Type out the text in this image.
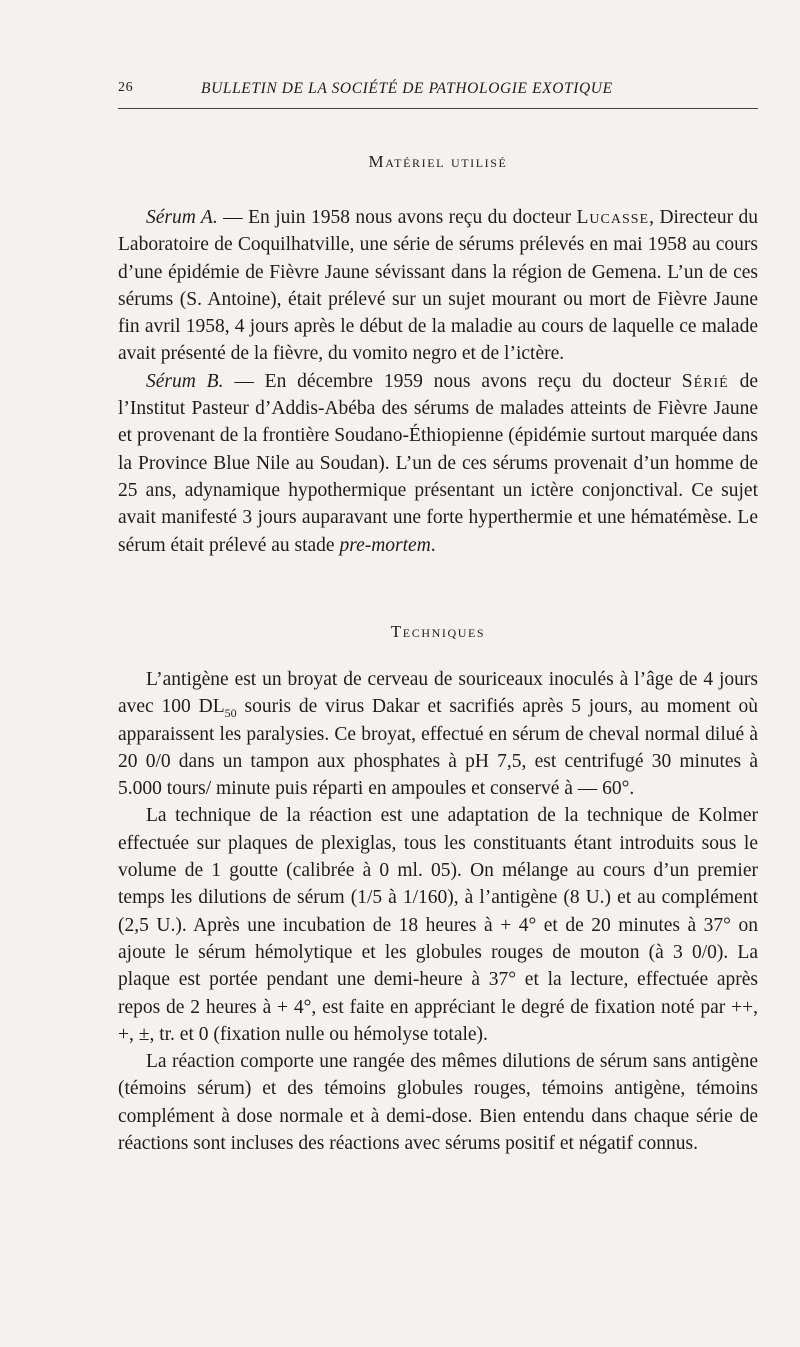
26	BULLETIN DE LA SOCIÉTÉ DE PATHOLOGIE EXOTIQUE
Matériel utilisé

Sérum A. — En juin 1958 nous avons reçu du docteur Lucasse, Directeur du Laboratoire de Coquilhatville, une série de sérums prélevés en mai 1958 au cours d’une épidémie de Fièvre Jaune sévissant dans la région de Gemena. L’un de ces sérums (S. Antoine), était prélevé sur un sujet mourant ou mort de Fièvre Jaune fin avril 1958, 4 jours après le début de la maladie au cours de laquelle ce malade avait présenté de la fièvre, du vomito negro et de l’ictère.

Sérum B. — En décembre 1959 nous avons reçu du docteur Sérié de l’Institut Pasteur d’Addis-Abéba des sérums de malades atteints de Fièvre Jaune et provenant de la frontière Soudano-Éthiopienne (épidémie surtout marquée dans la Province Blue Nile au Soudan). L’un de ces sérums provenait d’un homme de 25 ans, adynamique hypothermique présentant un ictère conjonctival. Ce sujet avait manifesté 3 jours auparavant une forte hyperthermie et une hématémèse. Le sérum était prélevé au stade pre-mortem.

Techniques

L’antigène est un broyat de cerveau de souriceaux inoculés à l’âge de 4 jours avec 100 $DL_{50}$ souris de virus Dakar et sacrifiés après 5 jours, au moment où apparaissent les paralysies. Ce broyat, effectué en sérum de cheval normal dilué à 20 0/0 dans un tampon aux phosphates à pH 7,5, est centrifugé 30 minutes à 5.000 tours/ minute puis réparti en ampoules et conservé à — 60°.

La technique de la réaction est une adaptation de la technique de Kolmer effectuée sur plaques de plexiglas, tous les constituants étant introduits sous le volume de 1 goutte (calibrée à 0 ml. 05). On mélange au cours d’un premier temps les dilutions de sérum (1/5 à 1/160), à l’antigène (8 U.) et au complément (2,5 U.). Après une incubation de 18 heures à + 4° et de 20 minutes à 37° on ajoute le sérum hémolytique et les globules rouges de mouton (à 3 0/0). La plaque est portée pendant une demi-heure à 37° et la lecture, effectuée après repos de 2 heures à + 4°, est faite en appréciant le degré de fixation noté par ++, +, ±, tr. et 0 (fixation nulle ou hémolyse totale).

La réaction comporte une rangée des mêmes dilutions de sérum sans antigène (témoins sérum) et des témoins globules rouges, témoins antigène, témoins complément à dose normale et à demi-dose. Bien entendu dans chaque série de réactions sont incluses des réactions avec sérums positif et négatif connus.
